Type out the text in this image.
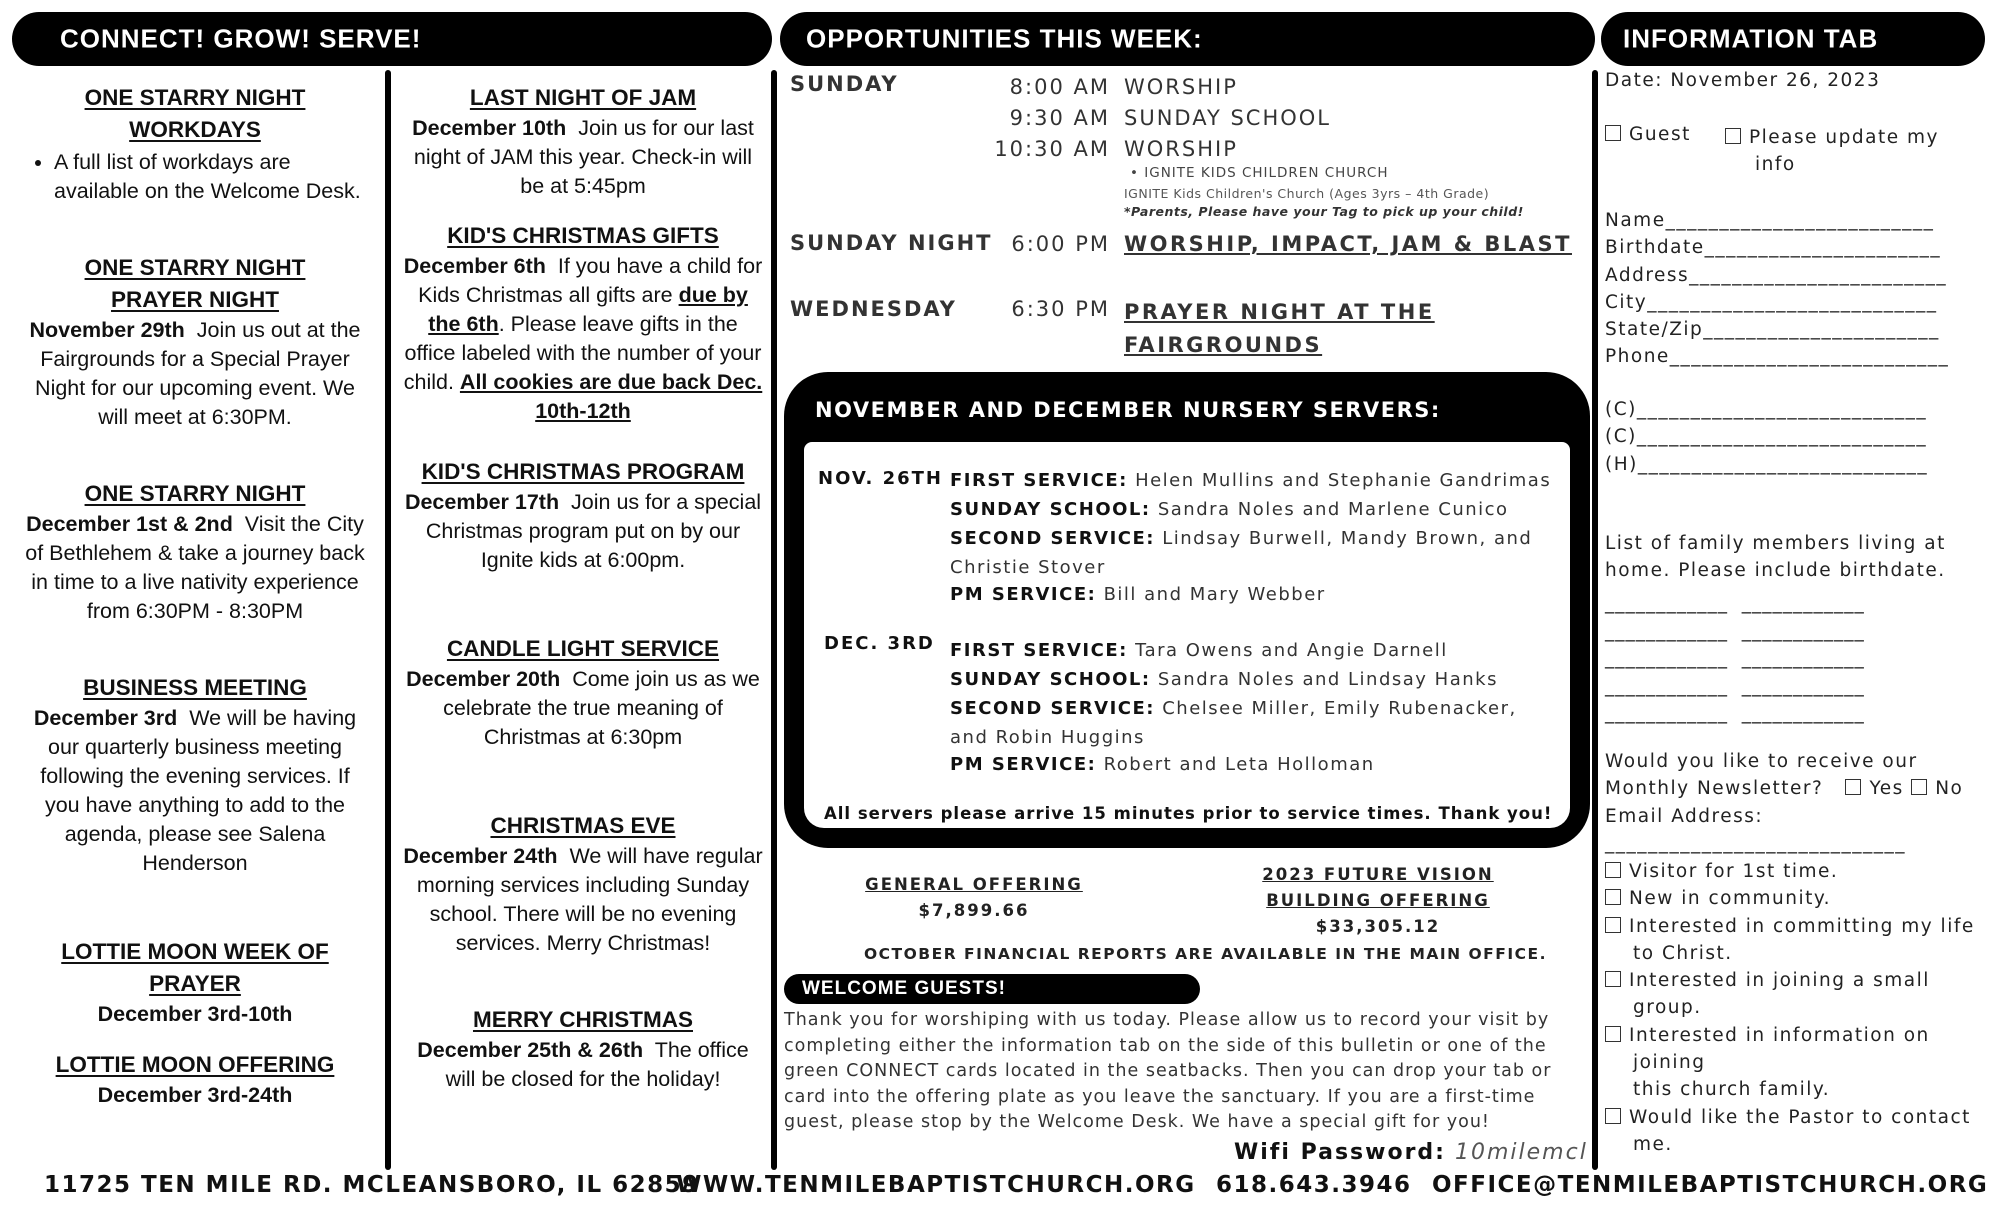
CONNECT! GROW! SERVE!	OPPORTUNITIES THIS WEEK:	INFORMATION TAB
ONE STARRY NIGHT
WORKDAYS
• A full list of workdays are available on the Welcome Desk.
ONE STARRY NIGHT
PRAYER NIGHT

November 29th Join us out at the Fairgrounds for a Special Prayer Night for our upcoming event. We will meet at 6:30PM.

ONE STARRY NIGHT

December 1st & 2nd Visit the City of Bethlehem & take a journey back in time to a live nativity experience from 6:30PM - 8:30PM

BUSINESS MEETING

December 3rd We will be having our quarterly business meeting following the evening services. If you have anything to add to the agenda, please see Salena Henderson

LOTTIE MOON WEEK OF
PRAYER

December 3rd-10th

LOTTIE MOON OFFERING

December 3rd-24th

LAST NIGHT OF JAM

December 10th Join us for our last night of JAM this year. Check-in will be at 5:45pm

KID'S CHRISTMAS GIFTS

December 6th If you have a child for Kids Christmas all gifts are due by the 6th. Please leave gifts in the office labeled with the number of your child. All cookies are due back Dec. 10th-12th

KID'S CHRISTMAS PROGRAM

December 17th Join us for a special Christmas program put on by our Ignite kids at 6:00pm.

CANDLE LIGHT SERVICE

December 20th Come join us as we celebrate the true meaning of Christmas at 6:30pm

CHRISTMAS EVE

December 24th We will have regular morning services including Sunday school. There will be no evening services. Merry Christmas!

MERRY CHRISTMAS

December 25th & 26th The office will be closed for the holiday!

SUNDAY	8:00 AM WORSHIP
9:30 AM SUNDAY SCHOOL
10:30 AM WORSHIP
• IGNITE KIDS CHILDREN CHURCH
IGNITE Kids Children's Church (Ages 3yrs – 4th Grade)
*Parents, Please have your Tag to pick up your child!
SUNDAY NIGHT 6:00 PM WORSHIP, IMPACT, JAM & BLAST
WEDNESDAY	6:30 PM PRAYER NIGHT AT THE
FAIRGROUNDS
NOVEMBER AND DECEMBER NURSERY SERVERS:
NOV. 26TH FIRST SERVICE: Helen Mullins and Stephanie Gandrimas
SUNDAY SCHOOL: Sandra Noles and Marlene Cunico
SECOND SERVICE: Lindsay Burwell, Mandy Brown, and
Christie Stover
PM SERVICE: Bill and Mary Webber
DEC. 3RD FIRST SERVICE: Tara Owens and Angie Darnell
SUNDAY SCHOOL: Sandra Noles and Lindsay Hanks
SECOND SERVICE: Chelsee Miller, Emily Rubenacker,
and Robin Huggins
PM SERVICE: Robert and Leta Holloman
All servers please arrive 15 minutes prior to service times. Thank you!
GENERAL OFFERING
$7,899.66
2023 FUTURE VISION
BUILDING OFFERING
$33,305.12
OCTOBER FINANCIAL REPORTS ARE AVAILABLE IN THE MAIN OFFICE.
WELCOME GUESTS!
Thank you for worshiping with us today. Please allow us to record your visit by completing either the information tab on the side of this bulletin or one of the green CONNECT cards located in the seatbacks. Then you can drop your tab or card into the offering plate as you leave the sanctuary. If you are a first-time guest, please stop by the Welcome Desk. We have a special gift for you!
Wifi Password: 10milemcl
Date: November 26, 2023
Guest	Please update my
info
Name_________________________
Birthdate______________________
Address________________________
City___________________________
State/Zip______________________
Phone__________________________
(C)___________________________
(C)___________________________
(H)___________________________
List of family members living at
home. Please include birthdate.
____________  ____________
____________  ____________
____________  ____________
____________  ____________
____________  ____________
Would you like to receive our
Monthly Newsletter? Yes No
Email Address:
____________________________
Visitor for 1st time.
New in community.
Interested in committing my life
to Christ.
Interested in joining a small
group.
Interested in information on
joining
this church family.
Would like the Pastor to contact
me.
11725 TEN MILE RD. MCLEANSBORO, IL 62859
WWW.TENMILEBAPTISTCHURCH.ORG 618.643.3946 OFFICE@TENMILEBAPTISTCHURCH.ORG
